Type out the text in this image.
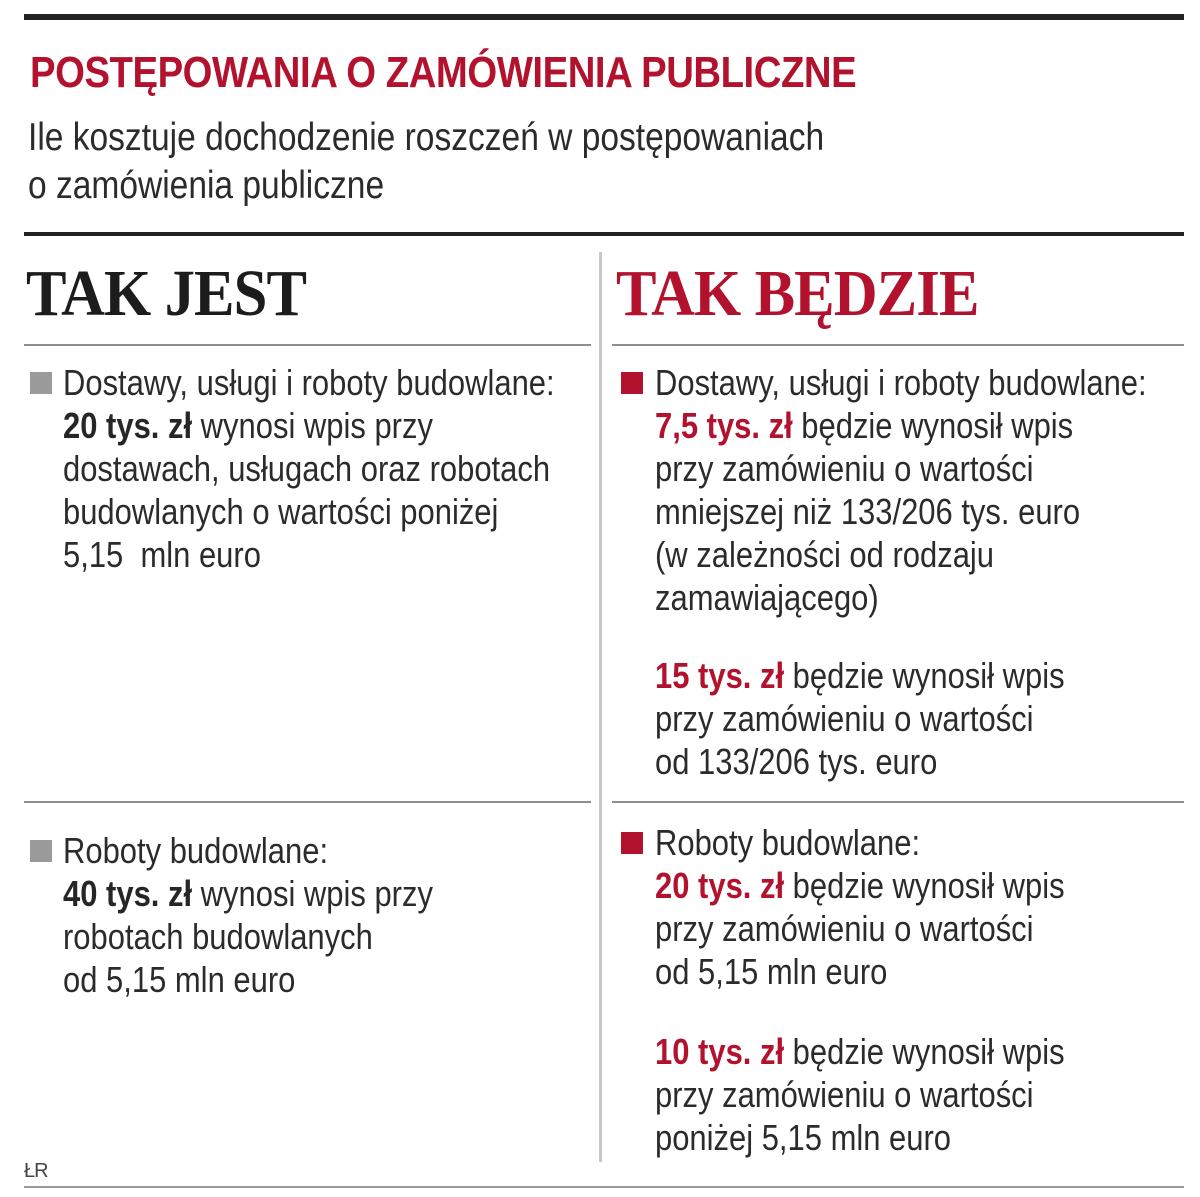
POSTĘPOWANIA O ZAMÓWIENIA PUBLICZNE
Ile kosztuje dochodzenie roszczeń w postępowaniach
o zamówienia publiczne
TAK JEST

Dostawy, usługi i roboty budowlane:

20 tys. zł wynosi wpis przy

dostawach, usługach oraz robotach

budowlanych o wartości poniżej

5,15  mln euro

Roboty budowlane:

40 tys. zł wynosi wpis przy

robotach budowlanych

od 5,15 mln euro

TAK BĘDZIE

Dostawy, usługi i roboty budowlane:

7,5 tys. zł będzie wynosił wpis

przy zamówieniu o wartości

mniejszej niż 133/206 tys. euro

(w zależności od rodzaju

zamawiającego)

15 tys. zł będzie wynosił wpis

przy zamówieniu o wartości

od 133/206 tys. euro

Roboty budowlane:

20 tys. zł będzie wynosił wpis

przy zamówieniu o wartości

od 5,15 mln euro

10 tys. zł będzie wynosił wpis

przy zamówieniu o wartości

poniżej 5,15 mln euro

ŁR
